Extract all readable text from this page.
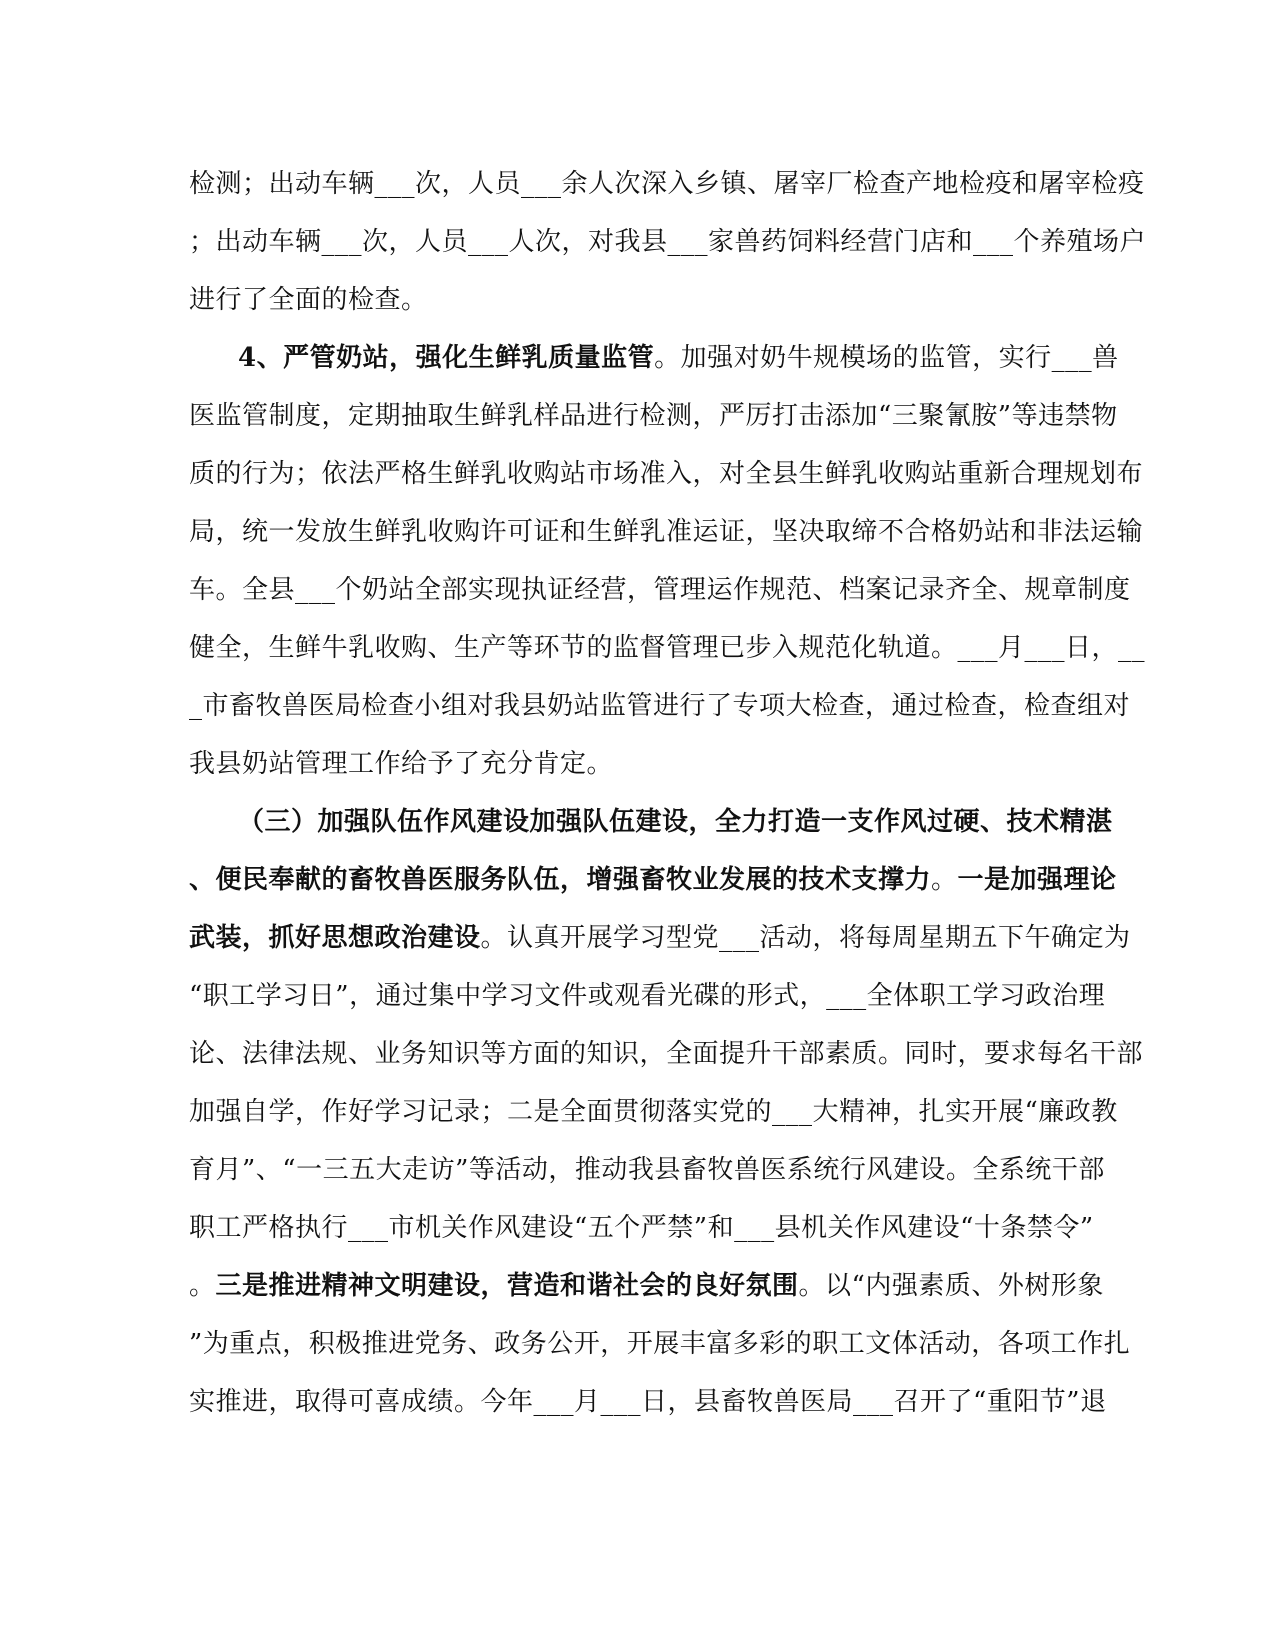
检测；出动车辆___次，人员___余人次深入乡镇、屠宰厂检查产地检疫和屠宰检疫
；出动车辆___次，人员___人次，对我县___家兽药饲料经营门店和___个养殖场户
进行了全面的检查。
4、严管奶站，强化生鲜乳质量监管。加强对奶牛规模场的监管，实行___兽
医监管制度，定期抽取生鲜乳样品进行检测，严厉打击添加“三聚氰胺”等违禁物
质的行为；依法严格生鲜乳收购站市场准入，对全县生鲜乳收购站重新合理规划布
局，统一发放生鲜乳收购许可证和生鲜乳准运证，坚决取缔不合格奶站和非法运输
车。全县___个奶站全部实现执证经营，管理运作规范、档案记录齐全、规章制度
健全，生鲜牛乳收购、生产等环节的监督管理已步入规范化轨道。___月___日，__
_市畜牧兽医局检查小组对我县奶站监管进行了专项大检查，通过检查，检查组对
我县奶站管理工作给予了充分肯定。
（三）加强队伍作风建设加强队伍建设，全力打造一支作风过硬、技术精湛
、便民奉献的畜牧兽医服务队伍，增强畜牧业发展的技术支撑力。一是加强理论
武装，抓好思想政治建设。认真开展学习型党___活动，将每周星期五下午确定为
“职工学习日”，通过集中学习文件或观看光碟的形式，___全体职工学习政治理
论、法律法规、业务知识等方面的知识，全面提升干部素质。同时，要求每名干部
加强自学，作好学习记录；二是全面贯彻落实党的___大精神，扎实开展“廉政教
育月”、“一三五大走访”等活动，推动我县畜牧兽医系统行风建设。全系统干部
职工严格执行___市机关作风建设“五个严禁”和___县机关作风建设“十条禁令”
。三是推进精神文明建设，营造和谐社会的良好氛围。以“内强素质、外树形象
”为重点，积极推进党务、政务公开，开展丰富多彩的职工文体活动，各项工作扎
实推进，取得可喜成绩。今年___月___日，县畜牧兽医局___召开了“重阳节”退
